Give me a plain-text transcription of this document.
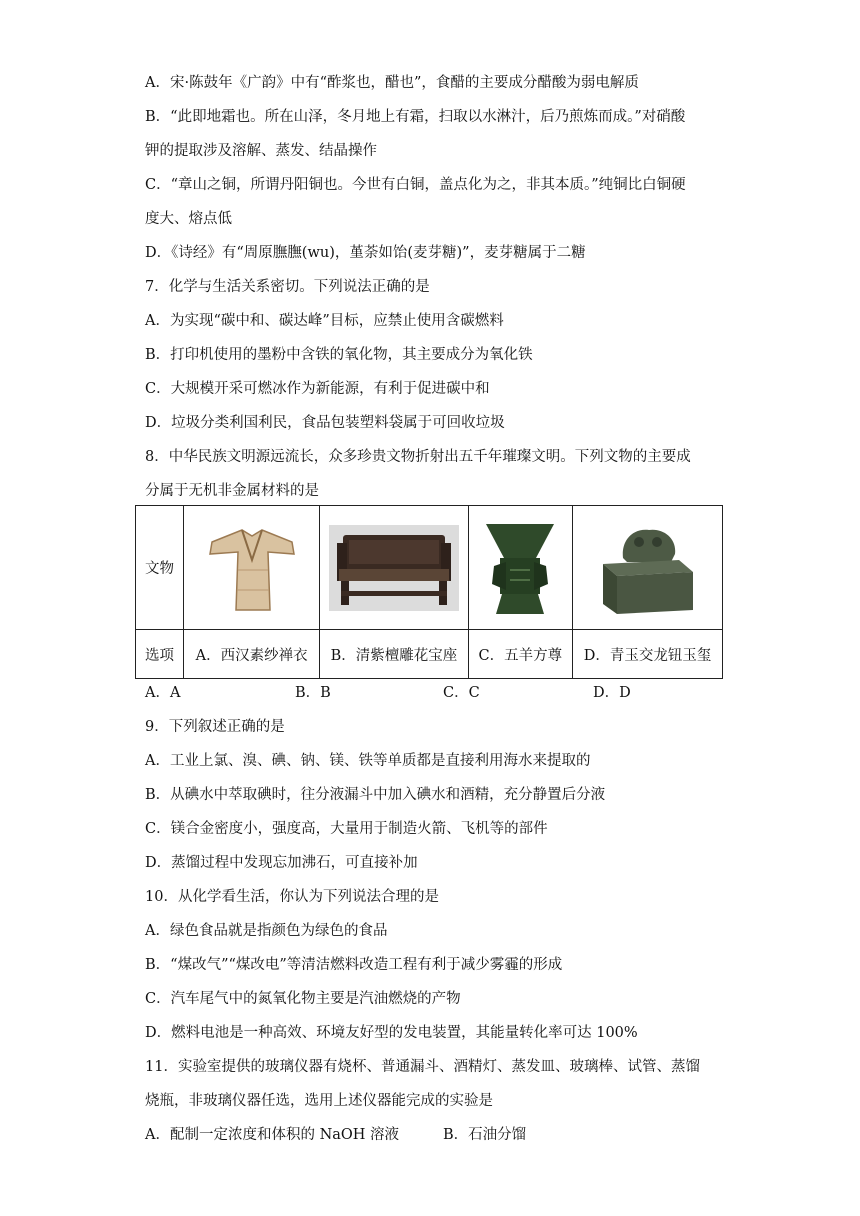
A．宋·陈鼓年《广韵》中有“酢浆也，醋也”，食醋的主要成分醋酸为弱电解质
B．“此即地霜也。所在山泽，冬月地上有霜，扫取以水淋汁，后乃煎炼而成。”对硝酸
钾的提取涉及溶解、蒸发、结晶操作
C．“章山之铜，所谓丹阳铜也。今世有白铜，盖点化为之，非其本质。”纯铜比白铜硬
度大、熔点低
D．《诗经》有“周原膴膴(wu)，堇荼如饴(麦芽糖)”，麦芽糖属于二糖
7．化学与生活关系密切。下列说法正确的是
A．为实现“碳中和、碳达峰”目标，应禁止使用含碳燃料
B．打印机使用的墨粉中含铁的氧化物，其主要成分为氧化铁
C．大规模开采可燃冰作为新能源，有利于促进碳中和
D．垃圾分类利国利民，食品包装塑料袋属于可回收垃圾
8．中华民族文明源远流长，众多珍贵文物折射出五千年璀璨文明。下列文物的主要成
分属于无机非金属材料的是
文物	

选项	A．西汉素纱禅衣	B．清紫檀雕花宝座	C．五羊方尊	D．青玉交龙钮玉玺
A．A	B．B	C．C	D．D
9．下列叙述正确的是
A．工业上氯、溴、碘、钠、镁、铁等单质都是直接利用海水来提取的
B．从碘水中萃取碘时，往分液漏斗中加入碘水和酒精，充分静置后分液
C．镁合金密度小，强度高，大量用于制造火箭、飞机等的部件
D．蒸馏过程中发现忘加沸石，可直接补加
10．从化学看生活，你认为下列说法合理的是
A．绿色食品就是指颜色为绿色的食品
B．“煤改气”“煤改电”等清洁燃料改造工程有利于减少雾霾的形成
C．汽车尾气中的氮氧化物主要是汽油燃烧的产物
D．燃料电池是一种高效、环境友好型的发电装置，其能量转化率可达 100%
11．实验室提供的玻璃仪器有烧杯、普通漏斗、酒精灯、蒸发皿、玻璃棒、试管、蒸馏
烧瓶，非玻璃仪器任选，选用上述仪器能完成的实验是
A．配制一定浓度和体积的 NaOH 溶液	B．石油分馏
